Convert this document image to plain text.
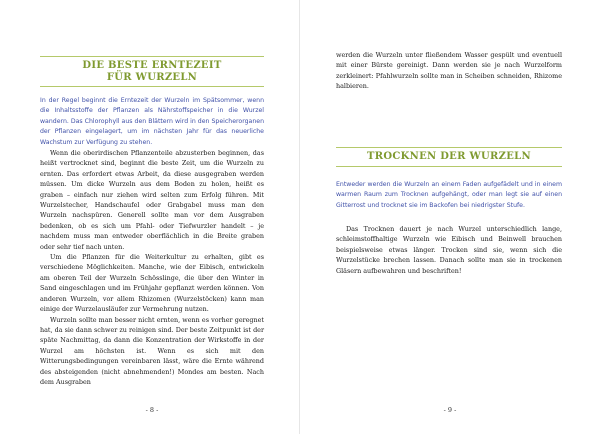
DIE BESTE ERNTEZEIT
FÜR WURZELN

In der Regel beginnt die Erntezeit der Wurzeln im Spätsommer, wenn die Inhaltsstoffe der Pflanzen als Nährstoffspeicher in die Wurzel wandern. Das Chlorophyll aus den Blättern wird in den Speicherorganen der Pflanzen eingelagert, um im nächsten Jahr für das neuerliche Wachstum zur Verfügung zu stehen.

Wenn die oberirdischen Pflanzenteile abzusterben beginnen, das heißt vertrocknet sind, beginnt die beste Zeit, um die Wurzeln zu ernten. Das erfordert etwas Arbeit, da diese ausgegraben werden müssen. Um dicke Wurzeln aus dem Boden zu holen, heißt es graben – einfach nur ziehen wird selten zum Erfolg führen. Mit Wurzelstecher, Handschaufel oder Grabgabel muss man den Wurzeln nachspüren. Generell sollte man vor dem Ausgraben bedenken, ob es sich um Pfahl- oder Tiefwurzler handelt – je nachdem muss man entweder oberflächlich in die Breite graben oder sehr tief nach unten.

Um die Pflanzen für die Weiterkultur zu erhalten, gibt es verschiedene Möglichkeiten. Manche, wie der Eibisch, entwickeln am oberen Teil der Wurzeln Schösslinge, die über den Winter in Sand eingeschlagen und im Frühjahr gepflanzt werden können. Von anderen Wurzeln, vor allem Rhizomen (Wurzelstöcken) kann man einige der Wurzelausläufer zur Vermehrung nutzen.

Wurzeln sollte man besser nicht ernten, wenn es vorher geregnet hat, da sie dann schwer zu reinigen sind. Der beste Zeitpunkt ist der späte Nachmittag, da dann die Konzentration der Wirkstoffe in der Wurzel am höchsten ist. Wenn es sich mit den Witterungsbedingungen vereinbaren lässt, wäre die Ernte während des absteigenden (nicht abnehmenden!) Mondes am besten. Nach dem Ausgraben

- 8 -

werden die Wurzeln unter fließendem Wasser gespült und eventuell mit einer Bürste gereinigt. Dann werden sie je nach Wurzelform zerkleinert: Pfahlwurzeln sollte man in Scheiben schneiden, Rhizome halbieren.

TROCKNEN DER WURZELN

Entweder werden die Wurzeln an einem Faden aufgefädelt und in einem warmen Raum zum Trocknen aufgehängt, oder man legt sie auf einen Gitterrost und trocknet sie im Backofen bei niedrigster Stufe.

Das Trocknen dauert je nach Wurzel unterschiedlich lange, schleimstoffhaltige Wurzeln wie Eibisch und Beinwell brauchen beispielsweise etwas länger. Trocken sind sie, wenn sich die Wurzelstücke brechen lassen. Danach sollte man sie in trockenen Gläsern aufbewahren und beschriften!

- 9 -
